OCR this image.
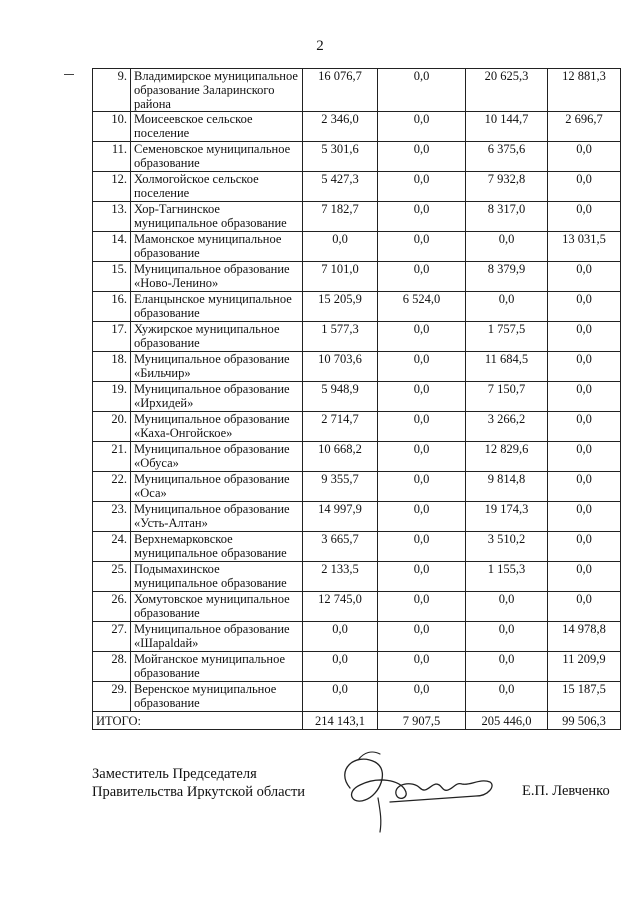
2
9.	Владимирское муниципальное образование Заларинского района	16 076,7	0,0	20 625,3	12 881,3
10.	Моисеевское сельское поселение	2 346,0	0,0	10 144,7	2 696,7
11.	Семеновское муниципальное образование	5 301,6	0,0	6 375,6	0,0
12.	Холмогойское сельское поселение	5 427,3	0,0	7 932,8	0,0
13.	Хор-Тагнинское муниципальное образование	7 182,7	0,0	8 317,0	0,0
14.	Мамонское муниципальное образование	0,0	0,0	0,0	13 031,5
15.	Муниципальное образование «Ново-Ленино»	7 101,0	0,0	8 379,9	0,0
16.	Еланцынское муниципальное образование	15 205,9	6 524,0	0,0	0,0
17.	Хужирское муниципальное образование	1 577,3	0,0	1 757,5	0,0
18.	Муниципальное образование «Бильчир»	10 703,6	0,0	11 684,5	0,0
19.	Муниципальное образование «Ирхидей»	5 948,9	0,0	7 150,7	0,0
20.	Муниципальное образование «Каха-Онгойское»	2 714,7	0,0	3 266,2	0,0
21.	Муниципальное образование «Обуса»	10 668,2	0,0	12 829,6	0,0
22.	Муниципальное образование «Оса»	9 355,7	0,0	9 814,8	0,0
23.	Муниципальное образование «Усть-Алтан»	14 997,9	0,0	19 174,3	0,0
24.	Верхнемарковское муниципальное образование	3 665,7	0,0	3 510,2	0,0
25.	Подымахинское муниципальное образование	2 133,5	0,0	1 155,3	0,0
26.	Хомутовское муниципальное образование	12 745,0	0,0	0,0	0,0
27.	Муниципальное образование «Шараldай»	0,0	0,0	0,0	14 978,8
28.	Мойганское муниципальное образование	0,0	0,0	0,0	11 209,9
29.	Веренское муниципальное образование	0,0	0,0	0,0	15 187,5
ИТОГО:		214 143,1	7 907,5	205 446,0	99 506,3
Заместитель Председателя
Правительства Иркутской области	Е.П. Левченко
